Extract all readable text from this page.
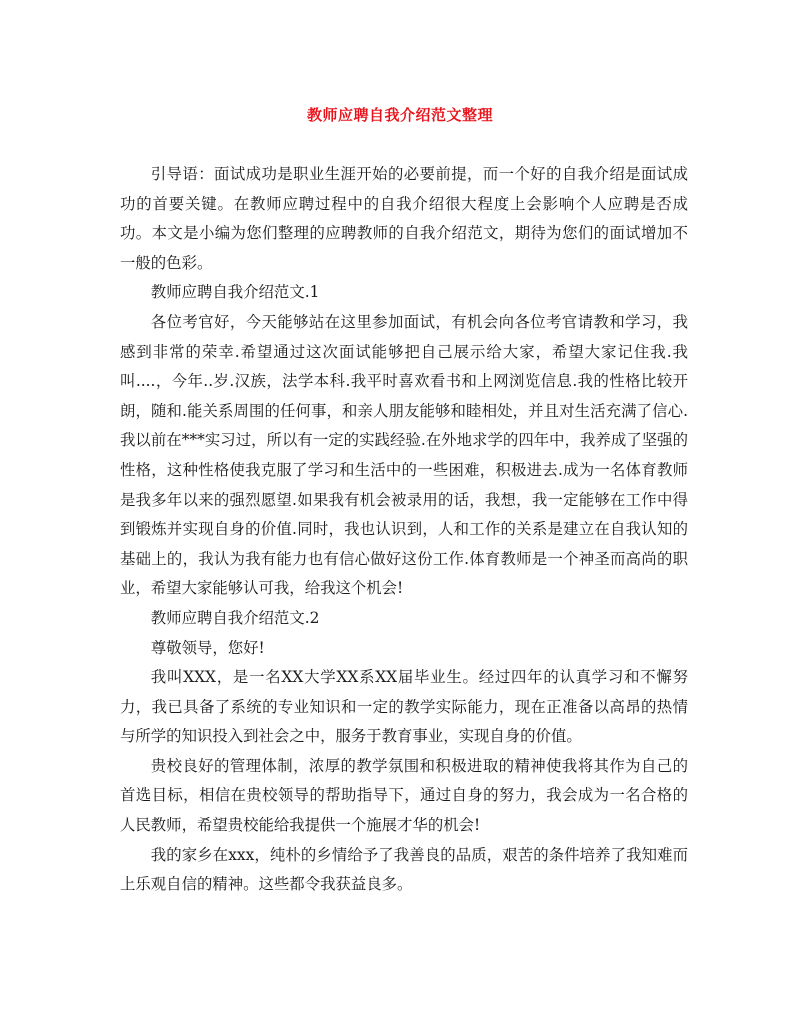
教师应聘自我介绍范文整理

引导语：面试成功是职业生涯开始的必要前提，而一个好的自我介绍是面试成功的首要关键。在教师应聘过程中的自我介绍很大程度上会影响个人应聘是否成功。本文是小编为您们整理的应聘教师的自我介绍范文，期待为您们的面试增加不一般的色彩。

教师应聘自我介绍范文.1

各位考官好，今天能够站在这里参加面试，有机会向各位考官请教和学习，我感到非常的荣幸.希望通过这次面试能够把自己展示给大家，希望大家记住我.我叫....，今年..岁.汉族，法学本科.我平时喜欢看书和上网浏览信息.我的性格比较开朗，随和.能关系周围的任何事，和亲人朋友能够和睦相处，并且对生活充满了信心.我以前在***实习过，所以有一定的实践经验.在外地求学的四年中，我养成了坚强的性格，这种性格使我克服了学习和生活中的一些困难，积极进去.成为一名体育教师是我多年以来的强烈愿望.如果我有机会被录用的话，我想，我一定能够在工作中得到锻炼并实现自身的价值.同时，我也认识到，人和工作的关系是建立在自我认知的基础上的，我认为我有能力也有信心做好这份工作.体育教师是一个神圣而高尚的职业，希望大家能够认可我，给我这个机会!

教师应聘自我介绍范文.2

尊敬领导，您好!

我叫XXX，是一名XX大学XX系XX届毕业生。经过四年的认真学习和不懈努力，我已具备了系统的专业知识和一定的教学实际能力，现在正准备以高昂的热情与所学的知识投入到社会之中，服务于教育事业，实现自身的价值。

贵校良好的管理体制，浓厚的教学氛围和积极进取的精神使我将其作为自己的首选目标，相信在贵校领导的帮助指导下，通过自身的努力，我会成为一名合格的人民教师，希望贵校能给我提供一个施展才华的机会!

我的家乡在xxx，纯朴的乡情给予了我善良的品质，艰苦的条件培养了我知难而上乐观自信的精神。这些都令我获益良多。
